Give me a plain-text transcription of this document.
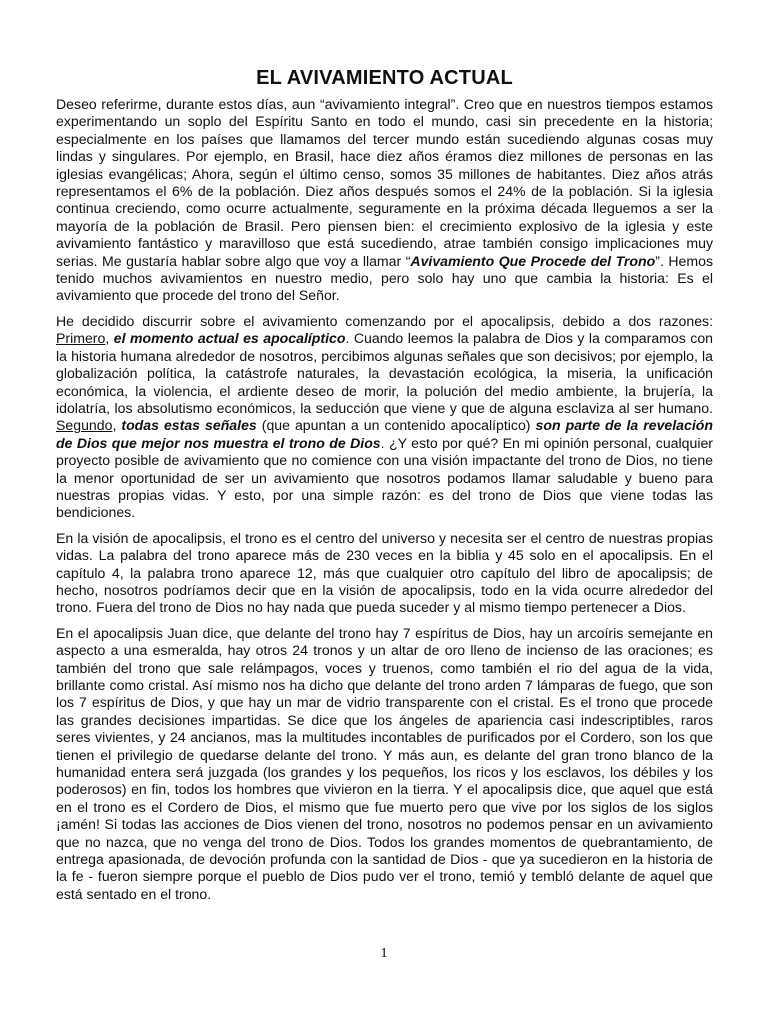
EL AVIVAMIENTO ACTUAL

Deseo referirme, durante estos días, aun “avivamiento integral”. Creo que en nuestros tiempos estamos experimentando un soplo del Espíritu Santo en todo el mundo, casi sin precedente en la historia; especialmente en los países que llamamos del tercer mundo están sucediendo algunas cosas muy lindas y singulares. Por ejemplo, en Brasil, hace diez años éramos diez millones de personas en las iglesias evangélicas; Ahora, según el último censo, somos 35 millones de habitantes. Diez años atrás representamos el 6% de la población. Diez años después somos el 24% de la población. Si la iglesia continua creciendo, como ocurre actualmente, seguramente en la próxima década lleguemos a ser la mayoría de la población de Brasil. Pero piensen bien: el crecimiento explosivo de la iglesia y este avivamiento fantástico y maravilloso que está sucediendo, atrae también consigo implicaciones muy serias. Me gustaría hablar sobre algo que voy a llamar “Avivamiento Que Procede del Trono”. Hemos tenido muchos avivamientos en nuestro medio, pero solo hay uno que cambia la historia: Es el avivamiento que procede del trono del Señor.

He decidido discurrir sobre el avivamiento comenzando por el apocalipsis, debido a dos razones: Primero, el momento actual es apocalíptico. Cuando leemos la palabra de Dios y la comparamos con la historia humana alrededor de nosotros, percibimos algunas señales que son decisivos; por ejemplo, la globalización política, la catástrofe naturales, la devastación ecológica, la miseria, la unificación económica, la violencia, el ardiente deseo de morir, la polución del medio ambiente, la brujería, la idolatría, los absolutismo económicos, la seducción que viene y que de alguna esclaviza al ser humano. Segundo, todas estas señales (que apuntan a un contenido apocalíptico) son parte de la revelación de Dios que mejor nos muestra el trono de Dios. ¿Y esto por qué? En mi opinión personal, cualquier proyecto posible de avivamiento que no comience con una visión impactante del trono de Dios, no tiene la menor oportunidad de ser un avivamiento que nosotros podamos llamar saludable y bueno para nuestras propias vidas. Y esto, por una simple razón: es del trono de Dios que viene todas las bendiciones.

En la visión de apocalipsis, el trono es el centro del universo y necesita ser el centro de nuestras propias vidas. La palabra del trono aparece más de 230 veces en la biblia y 45 solo en el apocalipsis. En el capítulo 4, la palabra trono aparece 12, más que cualquier otro capítulo del libro de apocalipsis; de hecho, nosotros podríamos decir que en la visión de apocalipsis, todo en la vida ocurre alrededor del trono. Fuera del trono de Dios no hay nada que pueda suceder y al mismo tiempo pertenecer a Dios.

En el apocalipsis Juan dice, que delante del trono hay 7 espíritus de Dios, hay un arcoíris semejante en aspecto a una esmeralda, hay otros 24 tronos y un altar de oro lleno de incienso de las oraciones; es también del trono que sale relámpagos, voces y truenos, como también el rio del agua de la vida, brillante como cristal. Así mismo nos ha dicho que delante del trono arden 7 lámparas de fuego, que son los 7 espíritus de Dios, y que hay un mar de vidrio transparente con el cristal. Es el trono que procede las grandes decisiones impartidas. Se dice que los ángeles de apariencia casi indescriptibles, raros seres vivientes, y 24 ancianos, mas la multitudes incontables de purificados por el Cordero, son los que tienen el privilegio de quedarse delante del trono. Y más aun, es delante del gran trono blanco de la humanidad entera será juzgada (los grandes y los pequeños, los ricos y los esclavos, los débiles y los poderosos) en fin, todos los hombres que vivieron en la tierra. Y el apocalipsis dice, que aquel que está en el trono es el Cordero de Dios, el mismo que fue muerto pero que vive por los siglos de los siglos ¡amén! Si todas las acciones de Dios vienen del trono, nosotros no podemos pensar en un avivamiento que no nazca, que no venga del trono de Dios. Todos los grandes momentos de quebrantamiento, de entrega apasionada, de devoción profunda con la santidad de Dios - que ya sucedieron en la historia de la fe - fueron siempre porque el pueblo de Dios pudo ver el trono, temió y tembló delante de aquel que está sentado en el trono.

1
